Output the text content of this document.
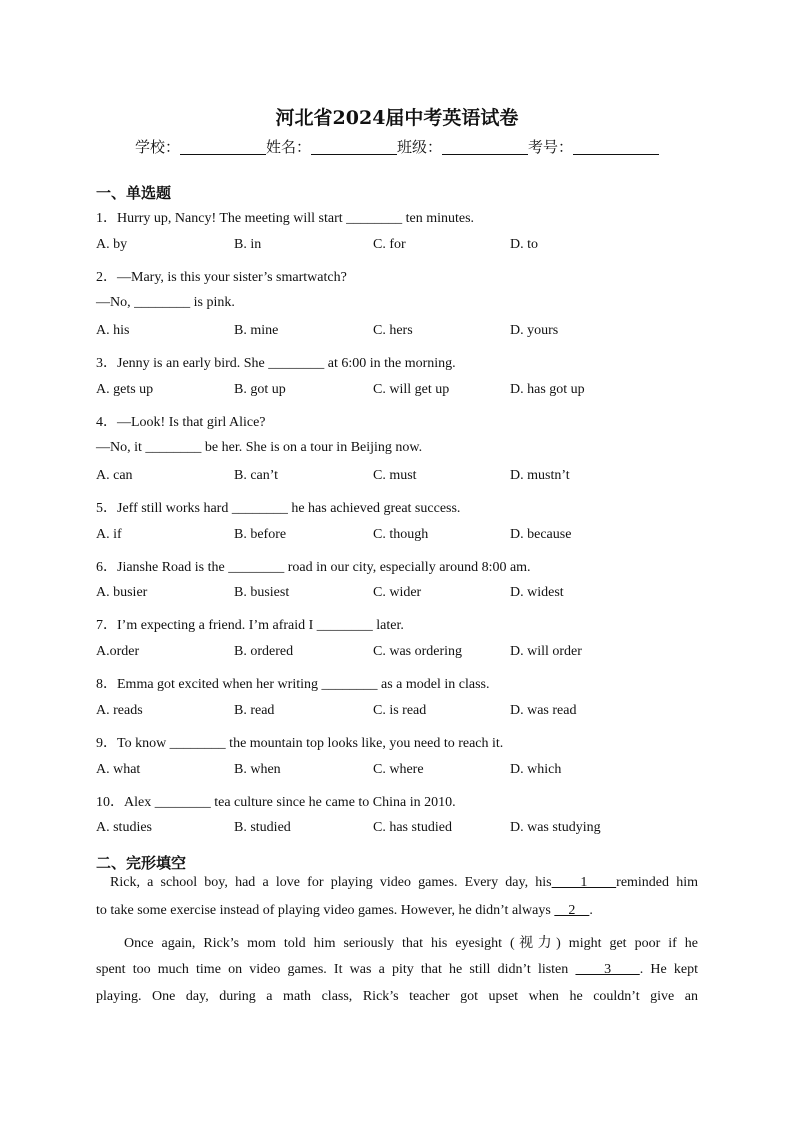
河北省2024届中考英语试卷
学校：	姓名：	班级：	考号：
一、单选题
1．Hurry up, Nancy! The meeting will start ________ ten minutes.
A. by	B. in	C. for	D. to
2．—Mary, is this your sister’s smartwatch?
—No, ________ is pink.
A. his	B. mine	C. hers	D. yours
3．Jenny is an early bird. She ________ at 6:00 in the morning.
A. gets up	B. got up	C. will get up	D. has got up
4．—Look! Is that girl Alice?
—No, it ________ be her. She is on a tour in Beijing now.
A. can	B. can’t	C. must	D. mustn’t
5．Jeff still works hard ________ he has achieved great success.
A. if	B. before	C. though	D. because
6．Jianshe Road is the ________ road in our city, especially around 8:00 am.
A. busier	B. busiest	C. wider	D. widest
7．I’m expecting a friend. I’m afraid I ________ later.
A.order	B. ordered	C. was ordering	D. will order
8．Emma got excited when her writing ________ as a model in class.
A. reads	B. read	C. is read	D. was read
9．To know ________ the mountain top looks like, you need to reach it.
A. what	B. when	C. where	D. which
10．Alex ________ tea culture since he came to China in 2010.
A. studies	B. studied	C. has studied	D. was studying
二、完形填空
Rick, a school boy, had a love for playing video games. Every day, his    1    reminded him
to take some exercise instead of playing video games. However, he didn’t always     2    .
Once again, Rick’s mom told him seriously that his eyesight (视力) might get poor if he
spent too much time on video games. It was a pity that he still didn’t listen     3    . He kept
playing. One day, during a math class, Rick’s teacher got upset when he couldn’t give an
